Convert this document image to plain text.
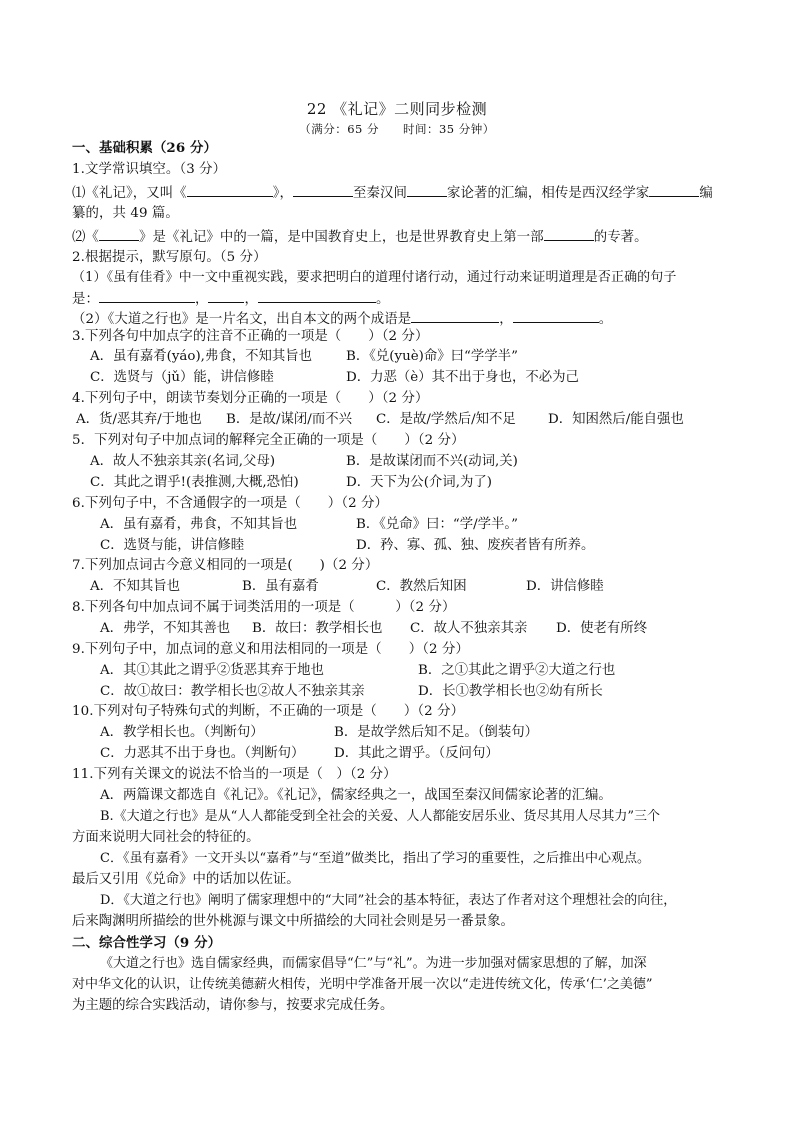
22 《礼记》二则同步检测
（满分：65 分　　时间：35 分钟）
一、基础积累（26 分）
1.文学常识填空。（3 分）
⑴《礼记》，又叫《	》，	至秦汉间	家论著的汇编，相传是西汉经学家	编
纂的，共 49 篇。
⑵《	》是《礼记》中的一篇，是中国教育史上，也是世界教育史上第一部	的专著。
2.根据提示，默写原句。（5 分）
（1）《虽有佳肴》中一文中重视实践，要求把明白的道理付诸行动，通过行动来证明道理是否正确的句子
是：	，	，	。
（2）《大道之行也》是一片名文，出自本文的两个成语是	，	。
3.下列各句中加点字的注音不正确的一项是（　　）（2 分）
A．虽有嘉肴(yáo),弗食，不知其旨也	B．《兑(yuè)命》曰“学学半”
C．选贤与（jǔ）能，讲信修睦	D．力恶（è）其不出于身也，不必为己
4.下列句子中，朗读节奏划分正确的一项是（　　）（2 分）
A．货/恶其弃/于地也 B．是故/谋闭/而不兴 C．是故/学然后/知不足 D．知困然后/能自强也
5．下列对句子中加点词的解释完全正确的一项是（　　）（2 分）
A．故人不独亲其亲(名词,父母)	B．是故谋闭而不兴(动词,关)
C．其此之谓乎!(表推测,大概,恐怕)	D．天下为公(介词,为了)
6.下列句子中，不含通假字的一项是（　　）（2 分）
A．虽有嘉肴，弗食，不知其旨也	B．《兑命》曰：“学/学半。”
C．选贤与能，讲信修睦	D．矜、寡、孤、独、废疾者皆有所养。
7.下列加点词古今意义相同的一项是(　　)（2 分）
A．不知其旨也	B．虽有嘉肴	C．教然后知困	D．讲信修睦
8.下列各句中加点词不属于词类活用的一项是（　　　）（2 分）
A．弗学，不知其善也 B．故曰：教学相长也 C．故人不独亲其亲 D．使老有所终
9.下列句子中，加点词的意义和用法相同的一项是（　　）（2 分）
A．其①其此之谓乎②货恶其弃于地也	B．之①其此之谓乎②大道之行也
C．故①故曰：教学相长也②故人不独亲其亲	D．长①教学相长也②幼有所长
10.下列对句子特殊句式的判断，不正确的一项是（　　）（2 分）
A．教学相长也。（判断句）	B．是故学然后知不足。（倒装句）
C．力恶其不出于身也。（判断句） D．其此之谓乎。（反问句）
11.下列有关课文的说法不恰当的一项是（　）（2 分）
A．两篇课文都选自《礼记》。《礼记》，儒家经典之一，战国至秦汉间儒家论著的汇编。
B.《大道之行也》是从“人人都能受到全社会的关爱、人人都能安居乐业、货尽其用人尽其力”三个
方面来说明大同社会的特征的。
C．《虽有嘉肴》一文开头以“嘉肴”与“至道”做类比，指出了学习的重要性，之后推出中心观点。
最后又引用《兑命》中的话加以佐证。
D．《大道之行也》阐明了儒家理想中的“大同”社会的基本特征，表达了作者对这个理想社会的向往，
后来陶渊明所描绘的世外桃源与课文中所描绘的大同社会则是另一番景象。
二、综合性学习（9 分）
《大道之行也》选自儒家经典，而儒家倡导“仁”与“礼”。为进一步加强对儒家思想的了解，加深
对中华文化的认识，让传统美德薪火相传，光明中学准备开展一次以“走进传统文化，传承‘仁’之美德”
为主题的综合实践活动，请你参与，按要求完成任务。
